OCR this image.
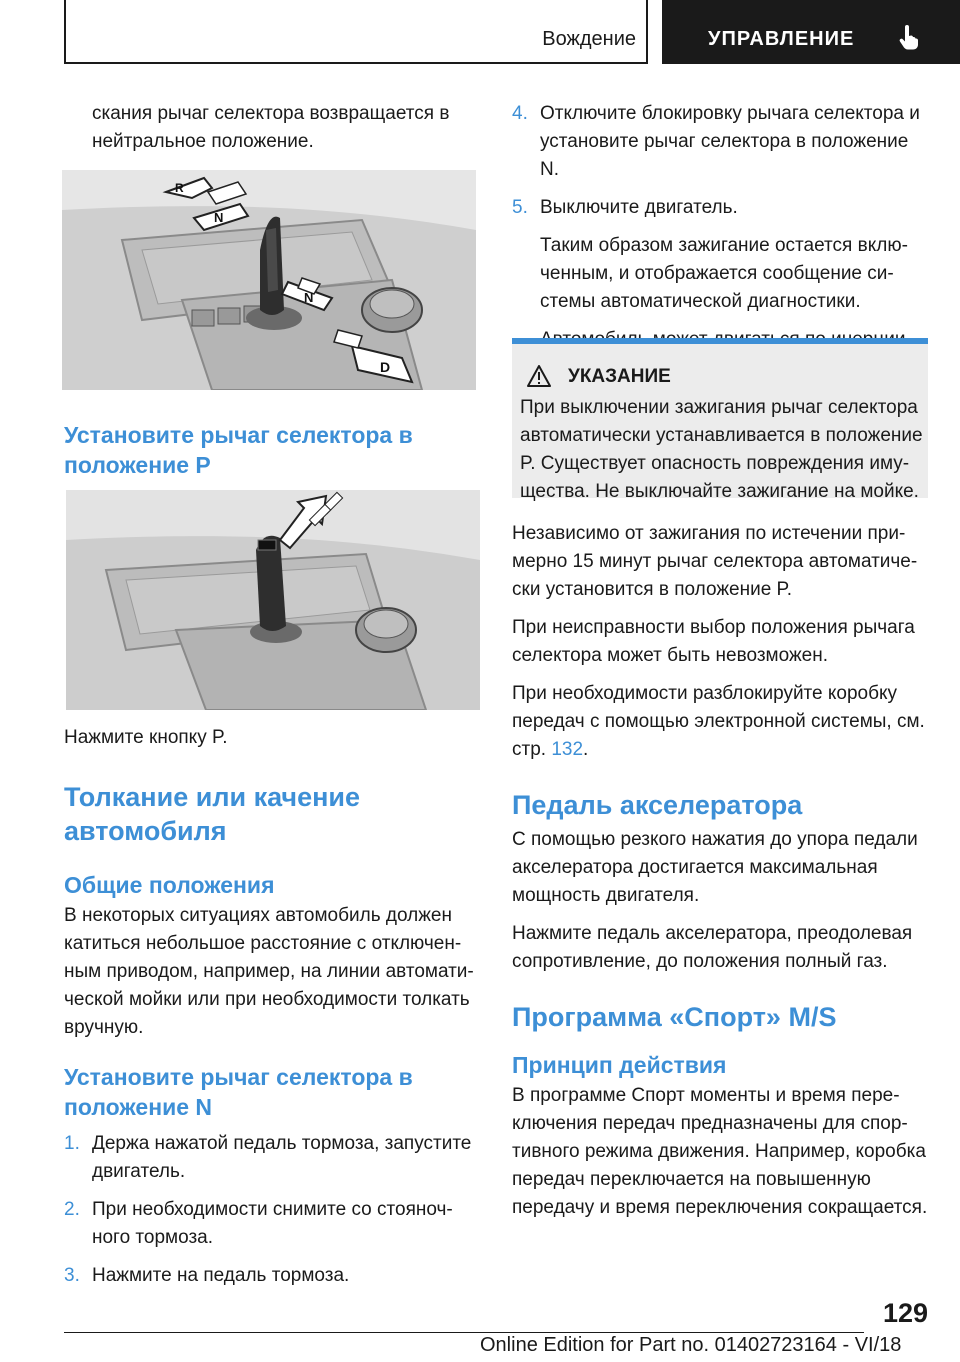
Вождение	УПРАВЛЕНИЕ

скания рычаг селектора возвращается в нейтральное положение.

R
N
N
D
Установите рычаг селектора в положение P

Нажмите кнопку P.

Толкание или качение автомобиля
Общие положения

В некоторых ситуациях автомобиль должен катиться небольшое расстояние с отключенным приводом, например, на линии автоматической мойки или при необходимости толкать вручную.

Установите рычаг селектора в положение N
1. Держа нажатой педаль тормоза, запустите двигатель.
2. При необходимости снимите со стояночного тормоза.
3. Нажмите на педаль тормоза.
4. Отключите блокировку рычага селектора и установите рычаг селектора в положение N.
5. Выключите двигатель.
Таким образом зажигание остается включенным, и отображается сообщение системы автоматической диагностики.
УКАЗАНИЕ
При выключении зажигания рычаг селектора автоматически устанавливается в положение P. Существует опасность повреждения имущества. Не выключайте зажигание на мойке.

Независимо от зажигания по истечении примерно 15 минут рычаг селектора автоматически установится в положение P.

При неисправности выбор положения рычага селектора может быть невозможен.

При необходимости разблокируйте коробку передач с помощью электронной системы, см. стр. 132.

Педаль акселератора

С помощью резкого нажатия до упора педали акселератора достигается максимальная мощность двигателя.

Нажмите педаль акселератора, преодолевая сопротивление, до положения полный газ.

Программа «Спорт» M/S
Принцип действия

В программе Спорт моменты и время переключения передач предназначены для спортивного режима движения. Например, коробка передач переключается на повышенную передачу и время переключения сокращается.

129
Online Edition for Part no. 01402723164 - VI/18
